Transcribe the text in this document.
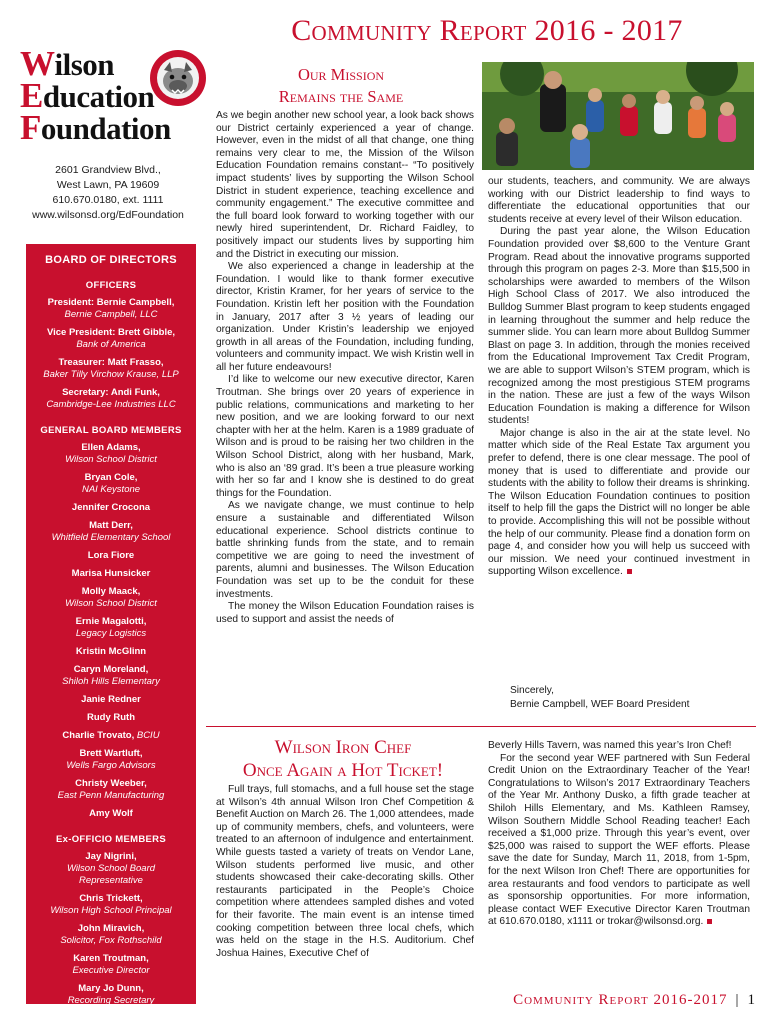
Community Report 2016 - 2017
Wilson
Education
Foundation
2601 Grandview Blvd.,
West Lawn, PA 19609
610.670.0180, ext. 1111
www.wilsonsd.org/EdFoundation
BOARD OF DIRECTORS
OFFICERS
President: Bernie Campbell,
Bernie Campbell, LLC
Vice President: Brett Gibble,
Bank of America
Treasurer: Matt Frasso,
Baker Tilly Virchow Krause, LLP
Secretary: Andi Funk,
Cambridge-Lee Industries LLC
GENERAL BOARD MEMBERS
Ellen Adams,
Wilson School District
Bryan Cole,
NAI Keystone
Jennifer Crocona
Matt Derr,
Whitfield Elementary School
Lora Fiore
Marisa Hunsicker
Molly Maack,
Wilson School District
Ernie Magalotti,
Legacy Logistics
Kristin McGlinn
Caryn Moreland,
Shiloh Hills Elementary
Janie Redner
Rudy Ruth
Charlie Trovato, BCIU
Brett Wartluft,
Wells Fargo Advisors
Christy Weeber,
East Penn Manufacturing
Amy Wolf
Ex-OFFICIO MEMBERS
Jay Nigrini,
Wilson School Board
Representative
Chris Trickett,
Wilson High School Principal
John Miravich,
Solicitor, Fox Rothschild
Karen Troutman,
Executive Director
Mary Jo Dunn,
Recording Secretary
Our Mission
Remains the Same

As we begin another new school year, a look back shows our District certainly experienced a year of change. However, even in the midst of all that change, one thing remains very clear to me, the Mission of the Wilson Education Foundation remains constant-- “To positively impact students’ lives by supporting the Wilson School District in student experience, teaching excellence and community engagement.” The executive committee and the full board look forward to working together with our newly hired superintendent, Dr. Richard Faidley, to positively impact our students lives by supporting him and the District in executing our mission.

We also experienced a change in leadership at the Foundation. I would like to thank former executive director, Kristin Kramer, for her years of service to the Foundation. Kristin left her position with the Foundation in January, 2017 after 3 ½ years of leading our organization. Under Kristin’s leadership we enjoyed growth in all areas of the Foundation, including funding, volunteers and community impact. We wish Kristin well in all her future endeavours!

I’d like to welcome our new executive director, Karen Troutman. She brings over 20 years of experience in public relations, communications and marketing to her new position, and we are looking forward to our next chapter with her at the helm. Karen is a 1989 graduate of Wilson and is proud to be raising her two children in the Wilson School District, along with her husband, Mark, who is also an ‘89 grad. It’s been a true pleasure working with her so far and I know she is destined to do great things for the Foundation.

As we navigate change, we must continue to help ensure a sustainable and differentiated Wilson educational experience. School districts continue to battle shrinking funds from the state, and to remain competitive we are going to need the investment of parents, alumni and businesses. The Wilson Education Foundation was set up to be the conduit for these investments.

The money the Wilson Education Foundation raises is used to support and assist the needs of

our students, teachers, and community. We are always working with our District leadership to find ways to differentiate the educational opportunities that our students receive at every level of their Wilson education.

During the past year alone, the Wilson Education Foundation provided over $8,600 to the Venture Grant Program. Read about the innovative programs supported through this program on pages 2-3. More than $15,500 in scholarships were awarded to members of the Wilson High School Class of 2017. We also introduced the Bulldog Summer Blast program to keep students engaged in learning throughout the summer and help reduce the summer slide. You can learn more about Bulldog Summer Blast on page 3. In addition, through the monies received from the Educational Improvement Tax Credit Program, we are able to support Wilson’s STEM program, which is recognized among the most prestigious STEM programs in the nation. These are just a few of the ways Wilson Education Foundation is making a difference for Wilson students!

Major change is also in the air at the state level. No matter which side of the Real Estate Tax argument you prefer to defend, there is one clear message. The pool of money that is used to differentiate and provide our students with the ability to follow their dreams is shrinking. The Wilson Education Foundation continues to position itself to help fill the gaps the District will no longer be able to provide. Accomplishing this will not be possible without the help of our community. Please find a donation form on page 4, and consider how you will help us succeed with our mission. We need your continued investment in supporting Wilson excellence.

Sincerely,
Bernie Campbell, WEF Board President
Wilson Iron Chef
Once Again a Hot Ticket!

Full trays, full stomachs, and a full house set the stage at Wilson’s 4th annual Wilson Iron Chef Competition & Benefit Auction on March 26. The 1,000 attendees, made up of community members, chefs, and volunteers, were treated to an afternoon of indulgence and entertainment. While guests tasted a variety of treats on Vendor Lane, Wilson students performed live music, and other students showcased their cake-decorating skills. Other restaurants participated in the People’s Choice competition where attendees sampled dishes and voted for their favorite. The main event is an intense timed cooking competition between three local chefs, which was held on the stage in the H.S. Auditorium. Chef Joshua Haines, Executive Chef of

Beverly Hills Tavern, was named this year’s Iron Chef!

For the second year WEF partnered with Sun Federal Credit Union on the Extraordinary Teacher of the Year! Congratulations to Wilson’s 2017 Extraordinary Teachers of the Year Mr. Anthony Dusko, a fifth grade teacher at Shiloh Hills Elementary, and Ms. Kathleen Ramsey, Wilson Southern Middle School Reading teacher! Each received a $1,000 prize. Through this year’s event, over $25,000 was raised to support the WEF efforts. Please save the date for Sunday, March 11, 2018, from 1-5pm, for the next Wilson Iron Chef! There are opportunities for area restaurants and food vendors to participate as well as sponsorship opportunities. For more information, please contact WEF Executive Director Karen Troutman at 610.670.0180, x1111 or trokar@wilsonsd.org.

Community Report 2016-2017 | 1
